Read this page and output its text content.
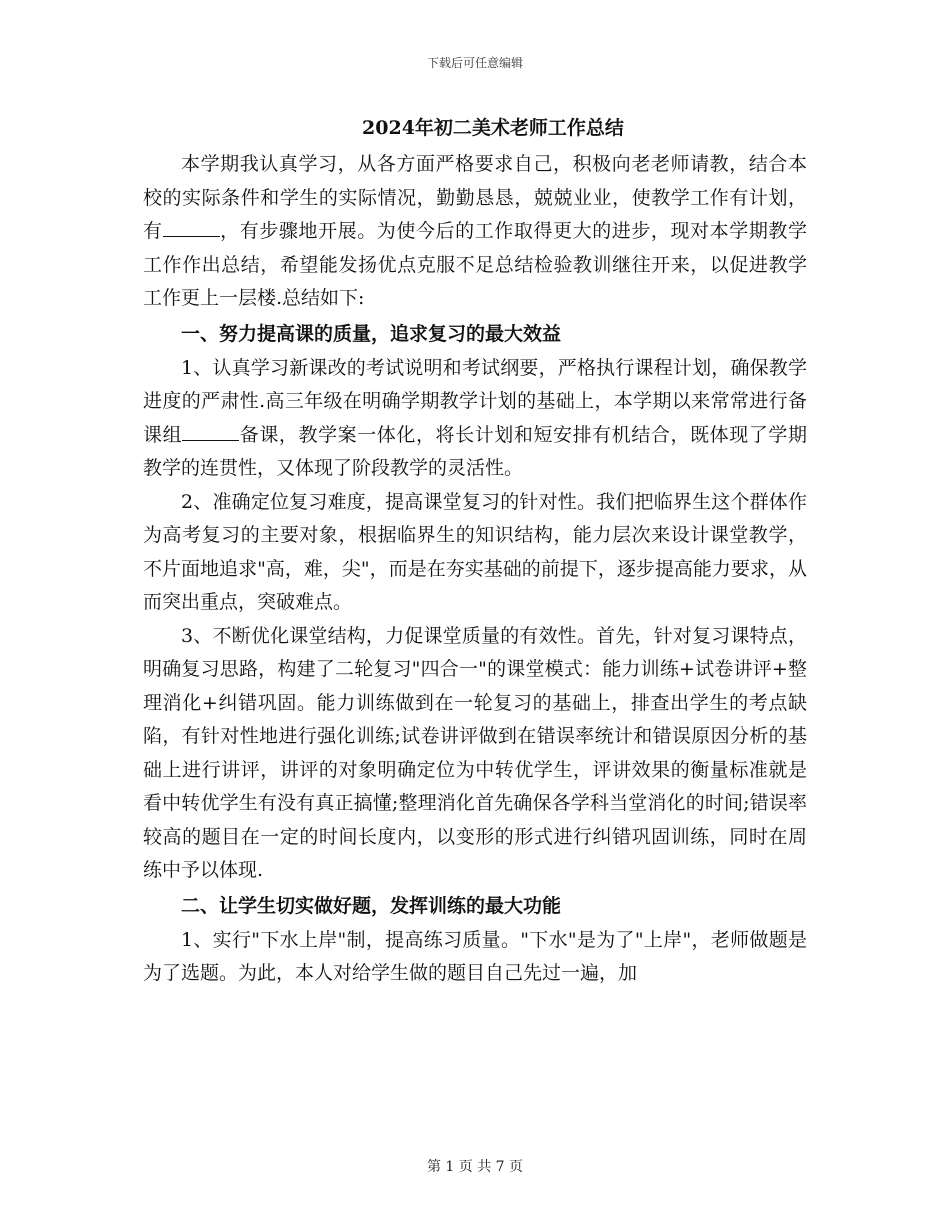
下载后可任意编辑
2024年初二美术老师工作总结

本学期我认真学习，从各方面严格要求自己，积极向老老师请教，结合本校的实际条件和学生的实际情况，勤勤恳恳，兢兢业业，使教学工作有计划，有	，有步骤地开展。为使今后的工作取得更大的进步，现对本学期教学工作作出总结，希望能发扬优点克服不足总结检验教训继往开来，以促进教学工作更上一层楼.总结如下:

一、努力提高课的质量，追求复习的最大效益

1、认真学习新课改的考试说明和考试纲要，严格执行课程计划，确保教学进度的严肃性.高三年级在明确学期教学计划的基础上，本学期以来常常进行备课组	备课，教学案一体化，将长计划和短安排有机结合，既体现了学期教学的连贯性，又体现了阶段教学的灵活性。

2、准确定位复习难度，提高课堂复习的针对性。我们把临界生这个群体作为高考复习的主要对象，根据临界生的知识结构，能力层次来设计课堂教学，不片面地追求"高，难，尖"，而是在夯实基础的前提下，逐步提高能力要求，从而突出重点，突破难点。

3、不断优化课堂结构，力促课堂质量的有效性。首先，针对复习课特点，明确复习思路，构建了二轮复习"四合一"的课堂模式：能力训练+试卷讲评+整理消化+纠错巩固。能力训练做到在一轮复习的基础上，排查出学生的考点缺陷，有针对性地进行强化训练;试卷讲评做到在错误率统计和错误原因分析的基础上进行讲评，讲评的对象明确定位为中转优学生，评讲效果的衡量标准就是看中转优学生有没有真正搞懂;整理消化首先确保各学科当堂消化的时间;错误率较高的题目在一定的时间长度内，以变形的形式进行纠错巩固训练，同时在周练中予以体现.

二、让学生切实做好题，发挥训练的最大功能

1、实行"下水上岸"制，提高练习质量。"下水"是为了"上岸"，老师做题是为了选题。为此，本人对给学生做的题目自己先过一遍，加

第 1 页 共 7 页
